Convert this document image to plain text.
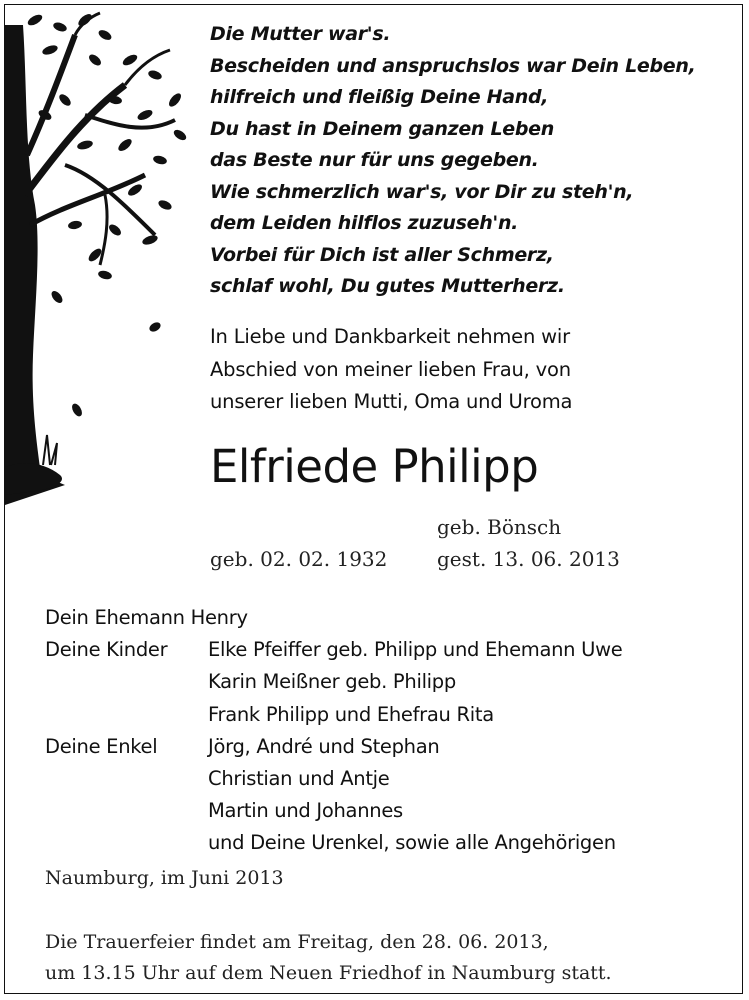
Die Mutter war's.
Bescheiden und anspruchslos war Dein Leben,
hilfreich und fleißig Deine Hand,
Du hast in Deinem ganzen Leben
das Beste nur für uns gegeben.
Wie schmerzlich war's, vor Dir zu steh'n,
dem Leiden hilflos zuzuseh'n.
Vorbei für Dich ist aller Schmerz,
schlaf wohl, Du gutes Mutterherz.
In Liebe und Dankbarkeit nehmen wir
Abschied von meiner lieben Frau, von
unserer lieben Mutti, Oma und Uroma
Elfriede Philipp
geb. Bönsch
geb. 02. 02. 1932 gest. 13. 06. 2013
Dein Ehemann Henry
Deine Kinder Elke Pfeiffer geb. Philipp und Ehemann Uwe
Karin Meißner geb. Philipp
Frank Philipp und Ehefrau Rita
Deine Enkel	Jörg, André und Stephan
Christian und Antje
Martin und Johannes
und Deine Urenkel, sowie alle Angehörigen
Naumburg, im Juni 2013
Die Trauerfeier findet am Freitag, den 28. 06. 2013,
um 13.15 Uhr auf dem Neuen Friedhof in Naumburg statt.
